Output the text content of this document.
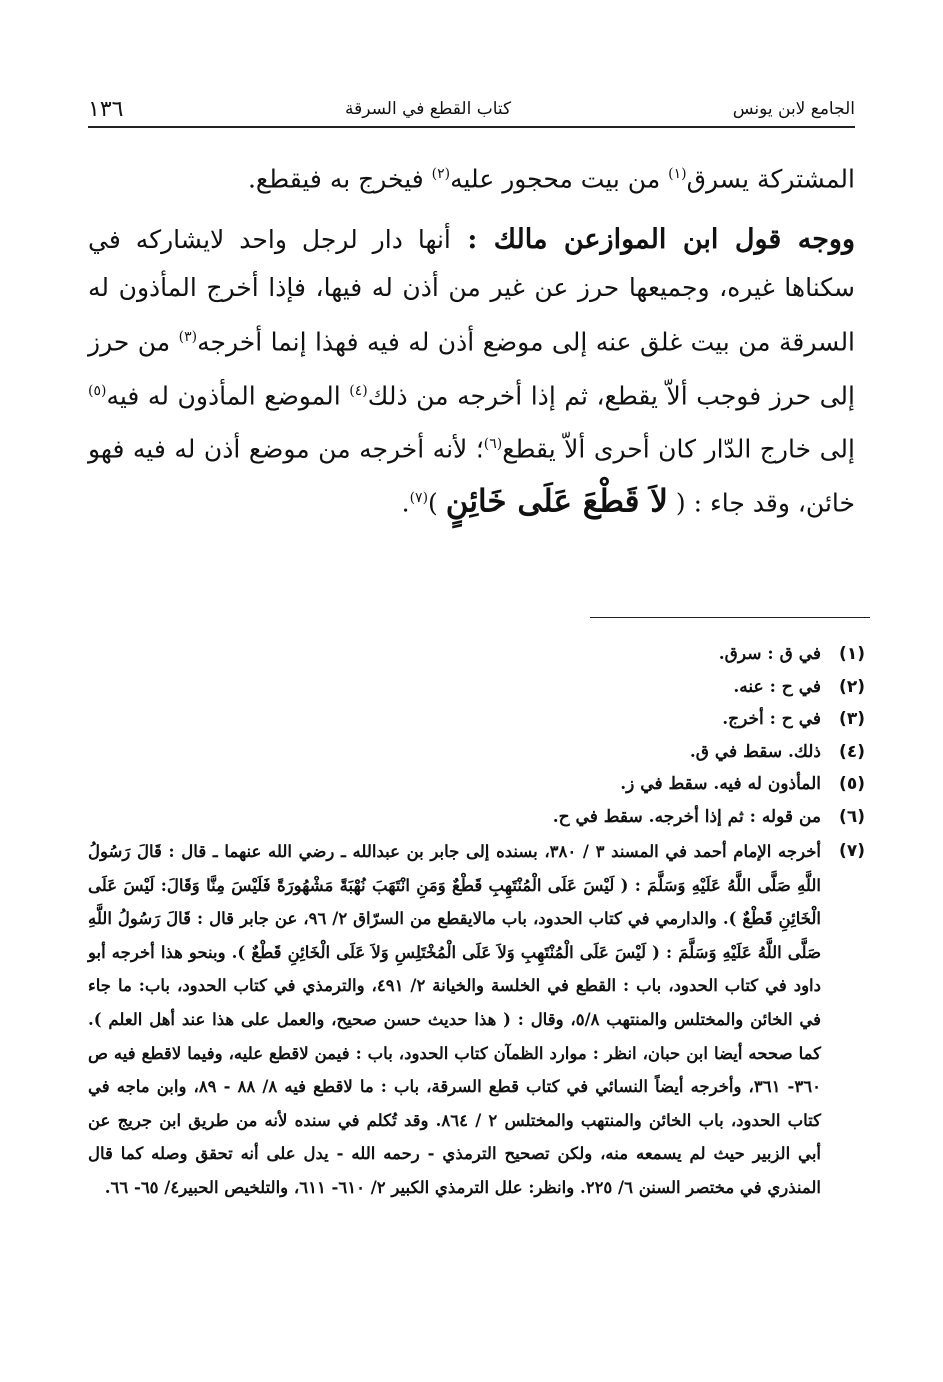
الجامع لابن يونس
كتاب القطع في السرقة
١٣٦

المشتركة يسرق$^{(١)}$ من بيت محجور عليه$^{(٢)}$ فيخرج به فيقطع.

ووجه قول ابن الموازعن مالك : أنها دار لرجل واحد لايشاركه في سكناها غيره، وجميعها حرز عن غير من أذن له فيها، فإذا أخرج المأذون له السرقة من بيت غلق عنه إلى موضع أذن له فيه فهذا إنما أخرجه$^{(٣)}$ من حرز إلى حرز فوجب ألاّ يقطع، ثم إذا أخرجه من ذلك$^{(٤)}$ الموضع المأذون له فيه$^{(٥)}$ إلى خارج الدّار كان أحرى ألاّ يقطع$^{(٦)}$؛ لأنه أخرجه من موضع أذن له فيه فهو خائن، وقد جاء : ( لاَ قَطْعَ عَلَى خَائِنٍ )$^{(٧)}$.

(١)
في ق : سرق.
(٢)
في ح : عنه.
(٣)
في ح : أخرج.
(٤)
ذلك. سقط في ق.
(٥)
المأذون له فيه. سقط في ز.
(٦)
من قوله : ثم إذا أخرجه. سقط في ح.
(٧)
أخرجه الإمام أحمد في المسند ٣ / ٣٨٠، بسنده إلى جابر بن عبدالله ـ رضي الله عنهما ـ قال : قَالَ رَسُولُ اللَّهِ صَلَّى اللَّهُ عَلَيْهِ وَسَلَّمَ : ( لَيْسَ عَلَى الْمُنْتَهِبِ قَطْعٌ وَمَنِ انْتَهَبَ نُهْبَةً مَشْهُورَةً فَلَيْسَ مِنَّا وَقَالَ: لَيْسَ عَلَى الْخَائِنِ قَطْعٌ ). والدارمي في كتاب الحدود، باب مالايقطع من السرّاق ٢/ ٩٦، عن جابر قال : قَالَ رَسُولُ اللَّهِ صَلَّى اللَّهُ عَلَيْهِ وَسَلَّمَ : ( لَيْسَ عَلَى الْمُنْتَهِبِ وَلاَ عَلَى الْمُخْتَلِسِ وَلاَ عَلَى الْخَائِنِ قَطْعٌ ). وبنحو هذا أخرجه أبو داود في كتاب الحدود، باب : القطع في الخلسة والخيانة ٢/ ٤٩١، والترمذي في كتاب الحدود، باب: ما جاء في الخائن والمختلس والمنتهب ٥/٨، وقال : ( هذا حديث حسن صحيح، والعمل على هذا عند أهل العلم ). كما صححه أيضا ابن حبان، انظر : موارد الظمآن كتاب الحدود، باب : فيمن لاقطع عليه، وفيما لاقطع فيه ص ٣٦٠- ٣٦١، وأخرجه أيضاً النسائي في كتاب قطع السرقة، باب : ما لاقطع فيه ٨/ ٨٨ - ٨٩، وابن ماجه في كتاب الحدود، باب الخائن والمنتهب والمختلس ٢ / ٨٦٤. وقد تُكلم في سنده لأنه من طريق ابن جريج عن أبي الزبير حيث لم يسمعه منه، ولكن تصحيح الترمذي - رحمه الله - يدل على أنه تحقق وصله كما قال المنذري في مختصر السنن ٦/ ٢٢٥. وانظر: علل الترمذي الكبير ٢/ ٦١٠- ٦١١، والتلخيص الحبير٤/ ٦٥- ٦٦.
